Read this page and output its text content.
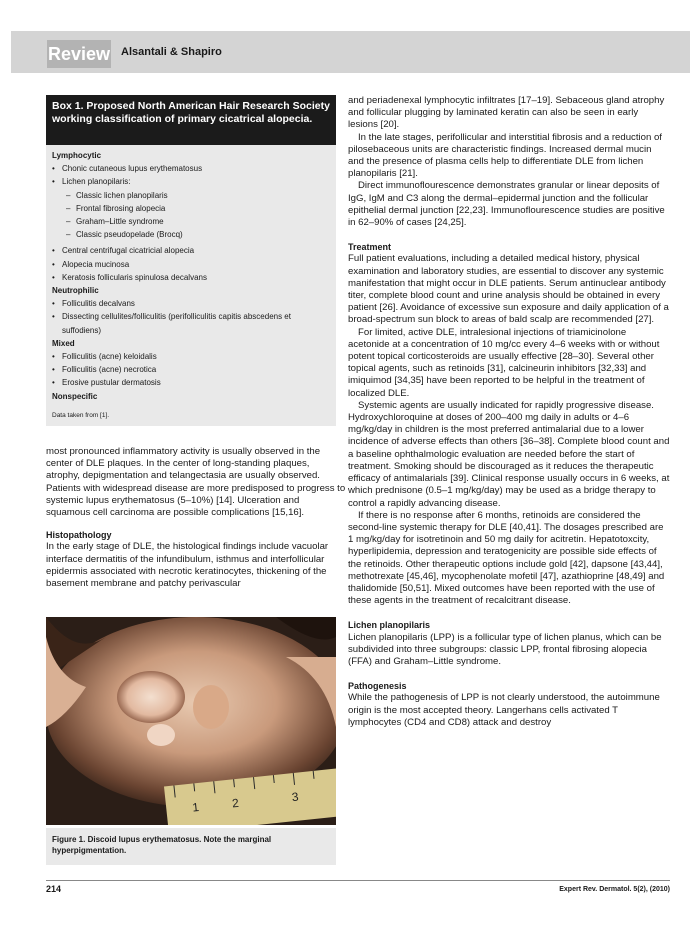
Review Alsantali & Shapiro
Box 1. Proposed North American Hair Research Society working classification of primary cicatrical alopecia.
Lymphocytic
• Chonic cutaneous lupus erythematosus
• Lichen planopilaris:
– Classic lichen planopilaris
– Frontal fibrosing alopecia
– Graham–Little syndrome
– Classic pseudopelade (Brocq)
• Central centrifugal cicatricial alopecia
• Alopecia mucinosa
• Keratosis follicularis spinulosa decalvans
Neutrophilic
• Folliculitis decalvans
• Dissecting cellulites/folliculitis (perifolliculitis capitis abscedens et suffodiens)
Mixed
• Folliculitis (acne) keloidalis
• Folliculitis (acne) necrotica
• Erosive pustular dermatosis
Nonspecific
Data taken from [1].

most pronounced inflammatory activity is usually observed in the center of DLE plaques. In the center of long-standing plaques, atrophy, depigmentation and telangectasia are usually observed. Patients with widespread disease are more predisposed to progress to systemic lupus erythematosus (5–10%) [14]. Ulceration and squamous cell carcinoma are possible complications [15,16].

Histopathology

In the early stage of DLE, the histological findings include vacuolar interface dermatitis of the infundibulum, isthmus and interfollicular epidermis associated with necrotic keratinocytes, thickening of the basement membrane and patchy perivascular

1	2	3
Figure 1. Discoid lupus erythematosus. Note the marginal hyperpigmentation.

and periadenexal lymphocytic infiltrates [17–19]. Sebaceous gland atrophy and follicular plugging by laminated keratin can also be seen in early lesions [20].

In the late stages, perifollicular and interstitial fibrosis and a reduction of pilosebaceous units are characteristic findings. Increased dermal mucin and the presence of plasma cells help to differentiate DLE from lichen planopilaris [21].

Direct immunoflourescence demonstrates granular or linear deposits of IgG, IgM and C3 along the dermal–epidermal junction and the follicular epithelial dermal junction [22,23]. Immunoflourescence studies are positive in 62–90% of cases [24,25].

Treatment

Full patient evaluations, including a detailed medical history, physical examination and laboratory studies, are essential to discover any systemic manifestation that might occur in DLE patients. Serum antinuclear antibody titer, complete blood count and urine analysis should be obtained in every patient [26]. Avoidance of excessive sun exposure and daily application of a broad-spectrum sun block to areas of bald scalp are recommended [27].

For limited, active DLE, intralesional injections of triamicinolone acetonide at a concentration of 10 mg/cc every 4–6 weeks with or without potent topical corticosteroids are usually effective [28–30]. Several other topical agents, such as retinoids [31], calcineurin inhibitors [32,33] and imiquimod [34,35] have been reported to be helpful in the treatment of localized DLE.

Systemic agents are usually indicated for rapidly progressive disease. Hydroxychloroquine at doses of 200–400 mg daily in adults or 4–6 mg/kg/day in children is the most preferred antimalarial due to a lower incidence of adverse effects than others [36–38]. Complete blood count and a baseline ophthalmologic evaluation are needed before the start of treatment. Smoking should be discouraged as it reduces the therapeutic efficacy of antimalarials [39]. Clinical response usually occurs in 6 weeks, at which prednisone (0.5–1 mg/kg/day) may be used as a bridge therapy to control a rapidly advancing disease.

If there is no response after 6 months, retinoids are considered the second-line systemic therapy for DLE [40,41]. The dosages prescribed are 1 mg/kg/day for isotretinoin and 50 mg daily for acitretin. Hepatotoxcity, hyperlipidemia, depression and teratogenicity are possible side effects of the retinoids. Other therapeutic options include gold [42], dapsone [43,44], methotrexate [45,46], mycophenolate mofetil [47], azathioprine [48,49] and thalidomide [50,51]. Mixed outcomes have been reported with the use of these agents in the treatment of recalcitrant disease.

Lichen planopilaris

Lichen planopilaris (LPP) is a follicular type of lichen planus, which can be subdivided into three subgroups: classic LPP, frontal fibrosing alopecia (FFA) and Graham–Little syndrome.

Pathogenesis

While the pathogenesis of LPP is not clearly understood, the autoimmune origin is the most accepted theory. Langerhans cells activated T lymphocytes (CD4 and CD8) attack and destroy

214	Expert Rev. Dermatol. 5(2), (2010)
